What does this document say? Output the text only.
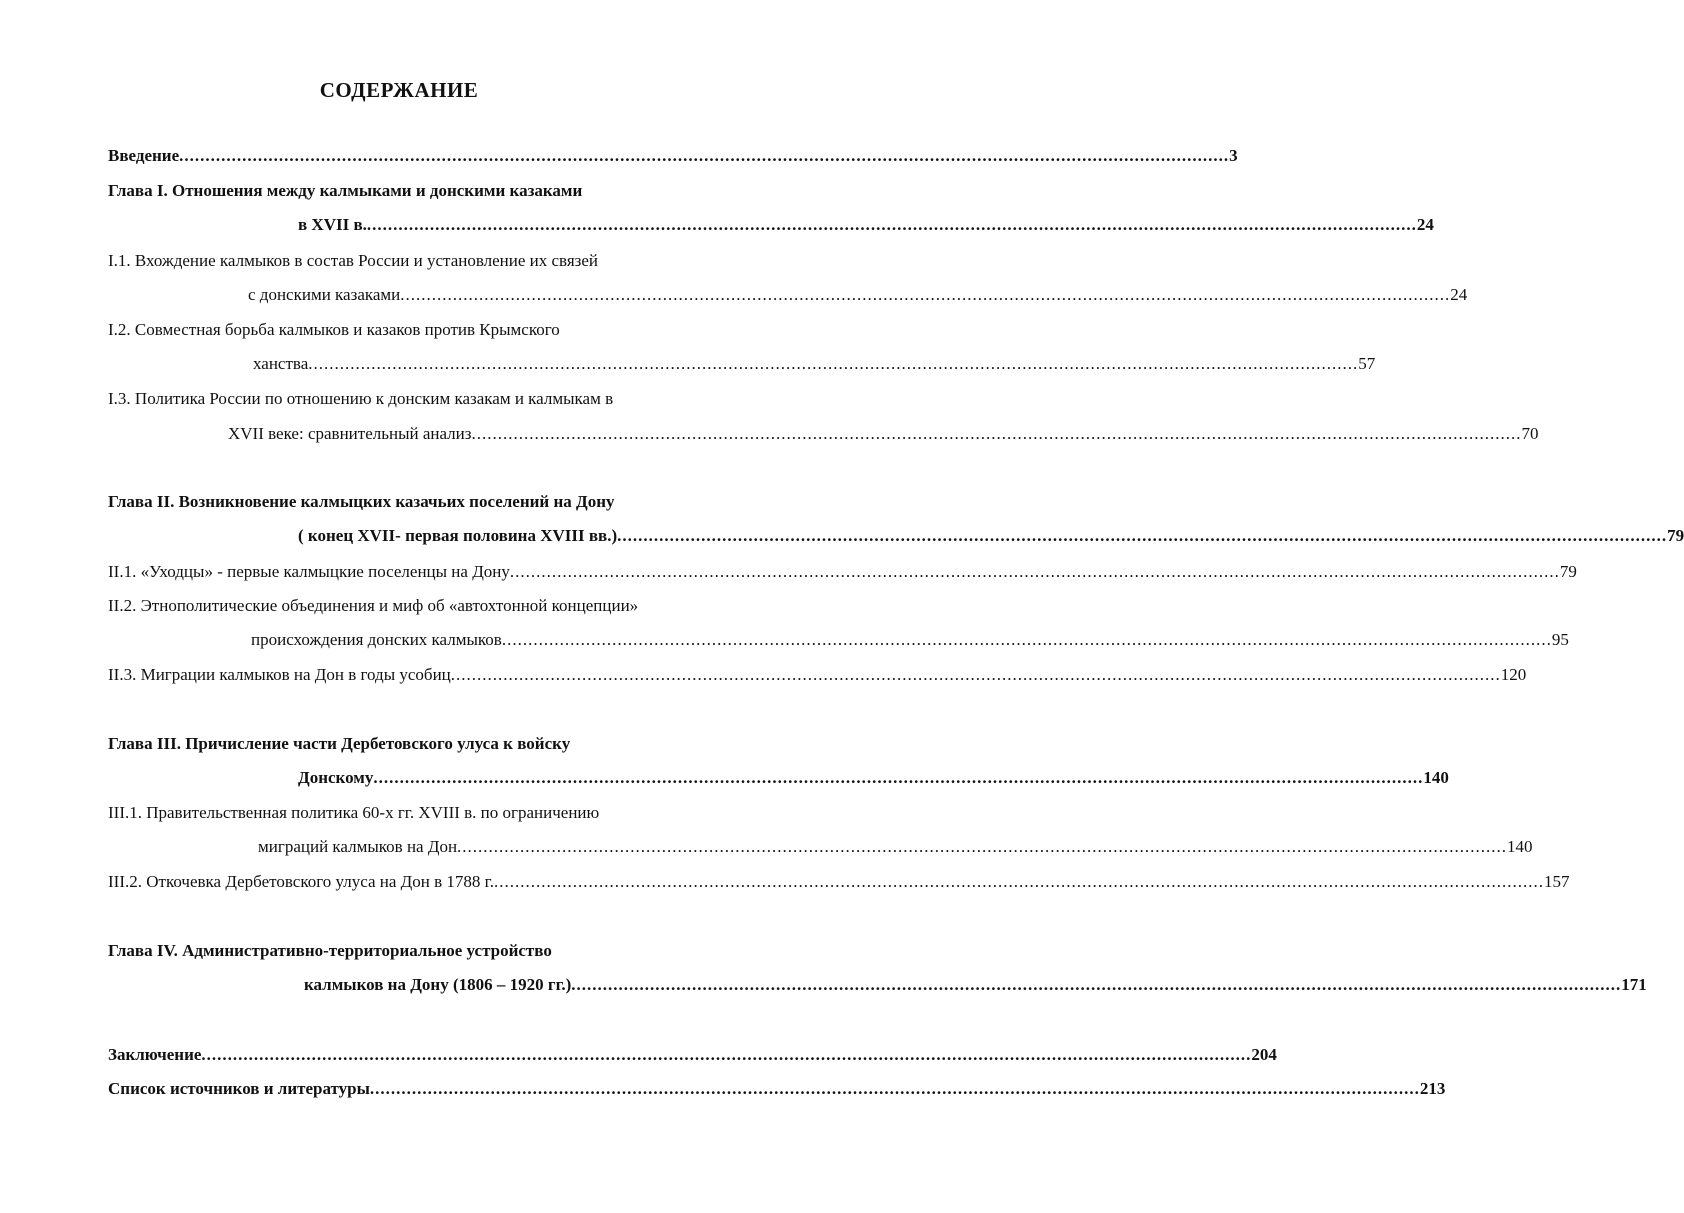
СОДЕРЖАНИЕ
Введение ........................................................................................................................................................................................................ 3
Глава I. Отношения между калмыками и донскими казаками
в XVII в. ........................................................................................................................................................................................................ 24
I.1. Вхождение калмыков в состав России и установление их связей
с донскими казаками ........................................................................................................................................................................................................ 24
I.2. Совместная борьба калмыков и казаков против Крымского
ханства ........................................................................................................................................................................................................ 57
I.3. Политика России по отношению к донским казакам и калмыкам в
XVII веке: сравнительный анализ ........................................................................................................................................................................................................ 70
Глава II. Возникновение калмыцких казачьих поселений на Дону
( конец XVII- первая половина XVIII вв.) ........................................................................................................................................................................................................ 79
II.1. «Уходцы» - первые калмыцкие поселенцы на Дону ........................................................................................................................................................................................................ 79
II.2. Этнополитические объединения и миф об «автохтонной концепции»
происхождения донских калмыков ........................................................................................................................................................................................................ 95
II.3. Миграции калмыков на Дон в годы усобиц ........................................................................................................................................................................................................ 120
Глава III. Причисление части Дербетовского улуса к войску
Донскому ........................................................................................................................................................................................................ 140
III.1. Правительственная политика 60-х гг. XVIII в. по ограничению
миграций калмыков на Дон ........................................................................................................................................................................................................ 140
III.2. Откочевка Дербетовского улуса на Дон в 1788 г. ........................................................................................................................................................................................................ 157
Глава IV. Административно-территориальное устройство
калмыков на Дону (1806 – 1920 гг.) ........................................................................................................................................................................................................ 171
Заключение ........................................................................................................................................................................................................ 204
Список источников и литературы ........................................................................................................................................................................................................ 213
